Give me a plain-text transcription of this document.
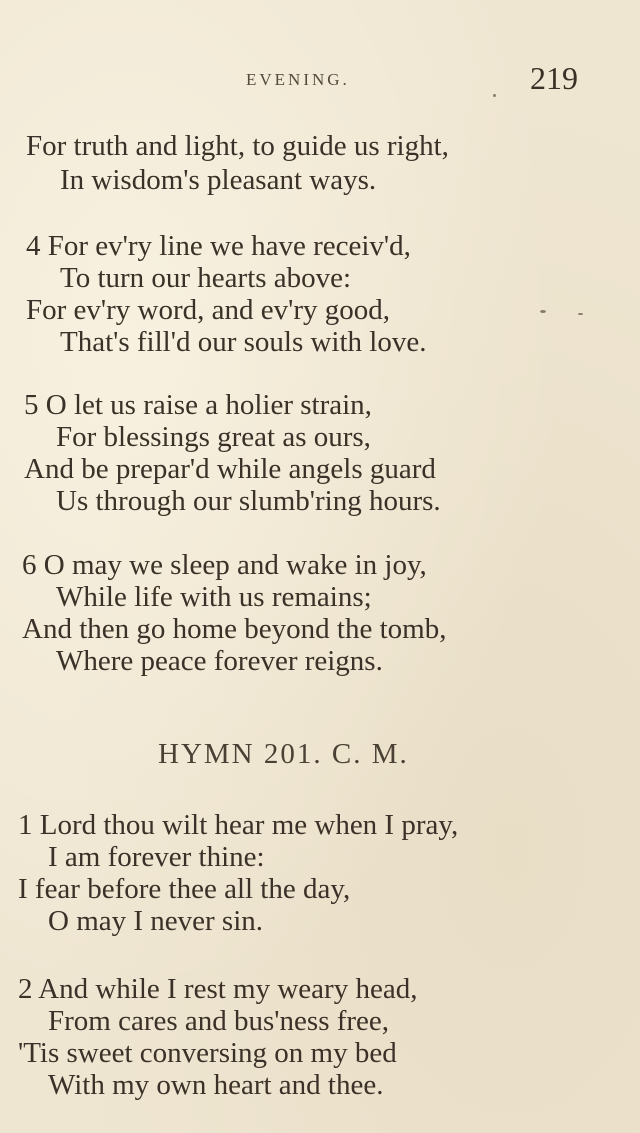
EVENING.	219
For truth and light, to guide us right,
In wisdom's pleasant ways.
4 For ev'ry line we have receiv'd,
To turn our hearts above:
For ev'ry word, and ev'ry good,
That's fill'd our souls with love.
5 O let us raise a holier strain,
For blessings great as ours,
And be prepar'd while angels guard
Us through our slumb'ring hours.
6 O may we sleep and wake in joy,
While life with us remains;
And then go home beyond the tomb,
Where peace forever reigns.
HYMN 201. C. M.
1 Lord thou wilt hear me when I pray,
I am forever thine:
I fear before thee all the day,
O may I never sin.
2 And while I rest my weary head,
From cares and bus'ness free,
'Tis sweet conversing on my bed
With my own heart and thee.
